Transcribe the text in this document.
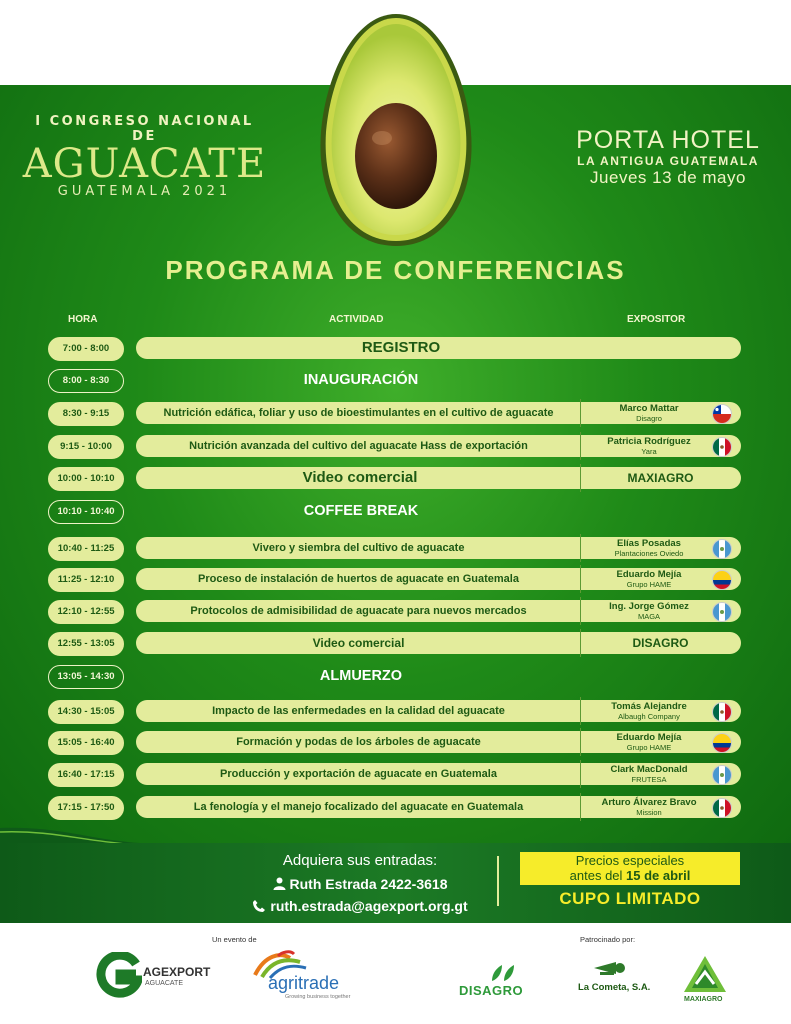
I CONGRESO NACIONAL DE
AGUACATE
GUATEMALA 2021
PORTA HOTEL
LA ANTIGUA GUATEMALA
Jueves 13 de mayo
PROGRAMA DE CONFERENCIAS
HORA	ACTIVIDAD	EXPOSITOR
7:00 - 8:00	REGISTRO
8:00 - 8:30	INAUGURACIÓN
8:30 - 9:15	Nutrición edáfica, foliar y uso de bioestimulantes en el cultivo de aguacate	Marco Mattar
Disagro
9:15 - 10:00	Nutrición avanzada del cultivo del aguacate Hass de exportación	Patricia Rodríguez
Yara
10:00 - 10:10	Video comercial	MAXIAGRO
10:10 - 10:40	COFFEE BREAK
10:40 - 11:25	Vivero y siembra del cultivo de aguacate	Elías Posadas
Plantaciones Oviedo
11:25 - 12:10	Proceso de instalación de huertos de aguacate en Guatemala	Eduardo Mejía
Grupo HAME
12:10 - 12:55	Protocolos de admisibilidad de aguacate para nuevos mercados	Ing. Jorge Gómez
MAGA
12:55 - 13:05	Video comercial	DISAGRO
13:05 - 14:30	ALMUERZO
14:30 - 15:05	Impacto de las enfermedades en la calidad del aguacate	Tomás Alejandre
Albaugh Company
15:05 - 16:40	Formación y podas de los árboles de aguacate	Eduardo Mejía
Grupo HAME
16:40 - 17:15	Producción y exportación de aguacate en Guatemala	Clark MacDonald
FRUTESA
17:15 - 17:50	La fenología y el manejo focalizado del aguacate en Guatemala	Arturo Álvarez Bravo
Mission
Adquiera sus entradas:
Ruth Estrada 2422-3618
ruth.estrada@agexport.org.gt
Precios especiales
antes del 15 de abril
CUPO LIMITADO
Un evento de	Patrocinado por:
AGEXPORT
AGUACATE	agritrade
Growing business together	DISAGRO	La Cometa, S.A.
MAXIAGRO
